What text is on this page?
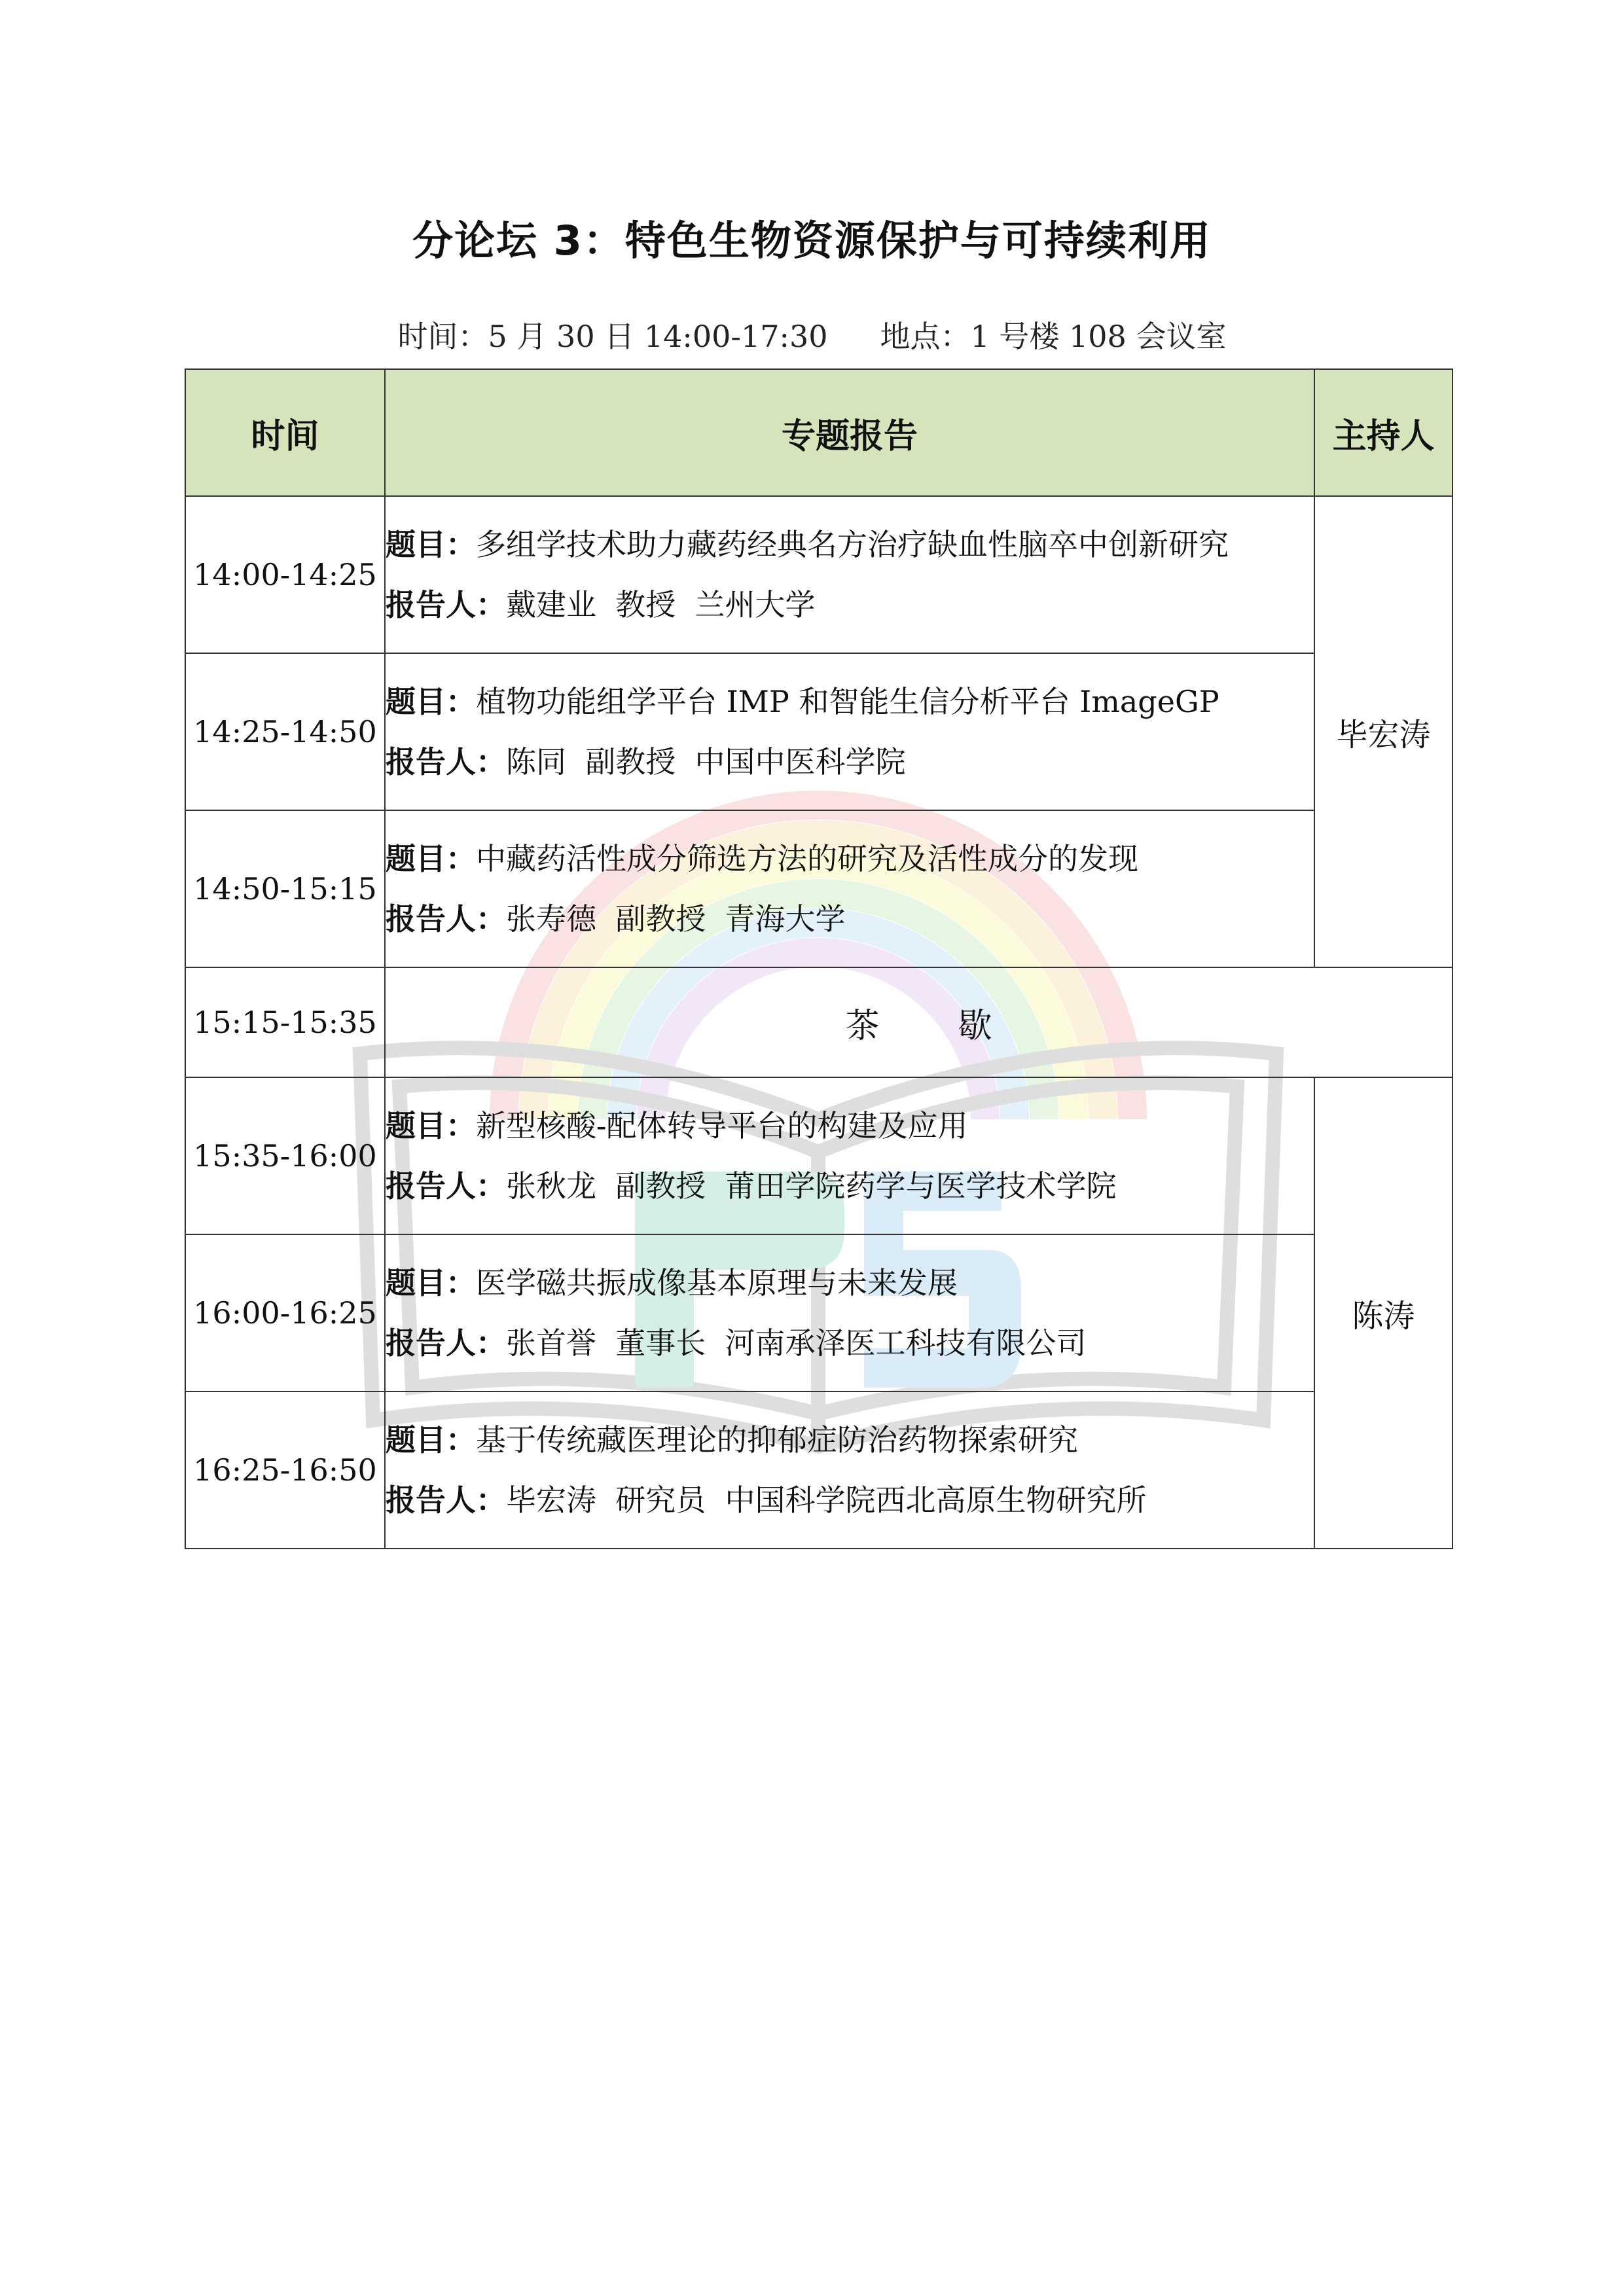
分论坛 3：特色生物资源保护与可持续利用
时间：5 月 30 日 14:00-17:30 地点：1 号楼 108 会议室
时间	专题报告	主持人
14:00-14:25	题目：多组学技术助力藏药经典名方治疗缺血性脑卒中创新研究
报告人：戴建业  教授  兰州大学	毕宏涛
14:25-14:50	题目：植物功能组学平台 IMP 和智能生信分析平台 ImageGP
报告人：陈同  副教授  中国中医科学院	

14:50-15:15	题目：中藏药活性成分筛选方法的研究及活性成分的发现
报告人：张寿德  副教授  青海大学	

15:15-15:35	茶 歇	
15:35-16:00	题目：新型核酸-配体转导平台的构建及应用
报告人：张秋龙  副教授  莆田学院药学与医学技术学院	陈涛
16:00-16:25	题目：医学磁共振成像基本原理与未来发展
报告人：张首誉  董事长  河南承泽医工科技有限公司	

16:25-16:50	题目：基于传统藏医理论的抑郁症防治药物探索研究
报告人：毕宏涛  研究员  中国科学院西北高原生物研究所	
